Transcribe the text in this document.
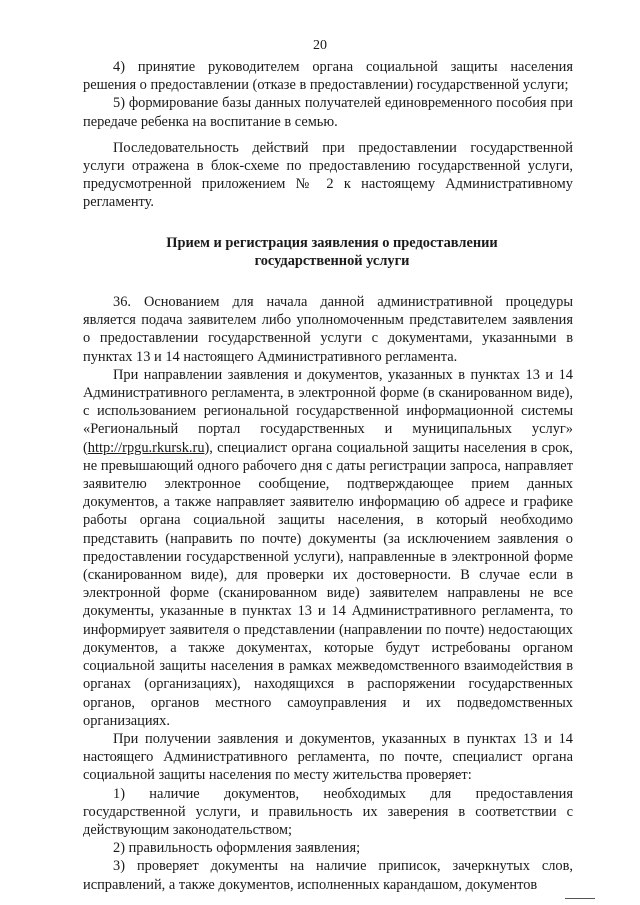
20

4) принятие руководителем органа социальной защиты населения решения о предоставлении (отказе в предоставлении) государственной услуги;

5) формирование базы данных получателей единовременного пособия при передаче ребенка на воспитание в семью.

Последовательность действий при предоставлении государственной услуги отражена в блок-схеме по предоставлению государственной услуги, предусмотренной приложением № 2 к настоящему Административному регламенту.

Прием и регистрация заявления о предоставлении
государственной услуги

36. Основанием для начала данной административной процедуры является подача заявителем либо уполномоченным представителем заявления о предоставлении государственной услуги с документами, указанными в пунктах 13 и 14 настоящего Административного регламента.

При направлении заявления и документов, указанных в пунктах 13 и 14 Административного регламента, в электронной форме (в сканированном виде), с использованием региональной государственной информационной системы «Региональный портал государственных и муниципальных услуг» (http://rpgu.rkursk.ru), специалист органа социальной защиты населения в срок, не превышающий одного рабочего дня с даты регистрации запроса, направляет заявителю электронное сообщение, подтверждающее прием данных документов, а также направляет заявителю информацию об адресе и графике работы органа социальной защиты населения, в который необходимо представить (направить по почте) документы (за исключением заявления о предоставлении государственной услуги), направленные в электронной форме (сканированном виде), для проверки их достоверности. В случае если в электронной форме (сканированном виде) заявителем направлены не все документы, указанные в пунктах 13 и 14 Административного регламента, то информирует заявителя о представлении (направлении по почте) недостающих документов, а также документах, которые будут истребованы органом социальной защиты населения в рамках межведомственного взаимодействия в органах (организациях), находящихся в распоряжении государственных органов, органов местного самоуправления и их подведомственных организациях.

При получении заявления и документов, указанных в пунктах 13 и 14 настоящего Административного регламента, по почте, специалист органа социальной защиты населения по месту жительства проверяет:

1) наличие документов, необходимых для предоставления государственной услуги, и правильность их заверения в соответствии с действующим законодательством;

2) правильность оформления заявления;

3) проверяет документы на наличие приписок, зачеркнутых слов, исправлений, а также документов, исполненных карандашом, документов
